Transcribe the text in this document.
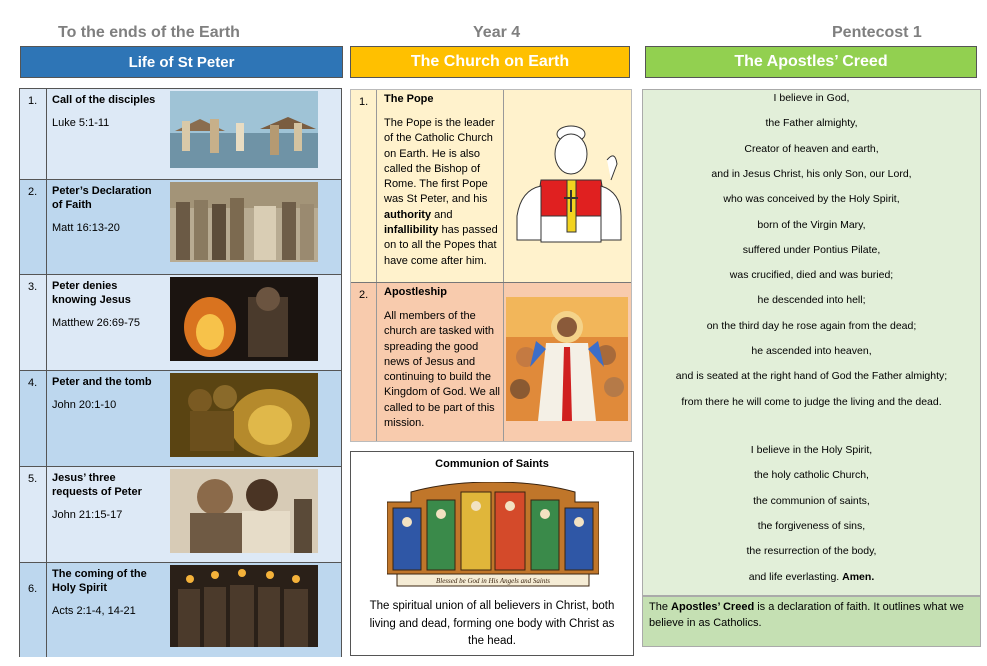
To the ends of the Earth	Year 4	Pentecost 1
Life of St Peter	The Church on Earth	The Apostles’ Creed
1. Call of the disciples
Luke 5:1-11
2. Peter’s Declaration of Faith
Matt 16:13-20
3. Peter denies knowing Jesus
Matthew 26:69-75
4. Peter and the tomb
John 20:1-10
5. Jesus’ three requests of Peter
John 21:15-17
6.
The coming of the Holy Spirit
Acts 2:1-4, 14-21
1. The Pope
The Pope is the leader of the Catholic Church on Earth. He is also called the Bishop of Rome. The first Pope was St Peter, and his authority and infallibility has passed on to all the Popes that have come after him.
2. Apostleship
All members of the church are tasked with spreading the good news of Jesus and continuing to build the Kingdom of God. We all called to be part of this mission.
Communion of Saints
Blessed be God in His Angels and Saints
The spiritual union of all believers in Christ, both living and dead, forming one body with Christ as the head.
I believe in God,
the Father almighty,
Creator of heaven and earth,
and in Jesus Christ, his only Son, our Lord,
who was conceived by the Holy Spirit,
born of the Virgin Mary,
suffered under Pontius Pilate,
was crucified, died and was buried;
he descended into hell;
on the third day he rose again from the dead;
he ascended into heaven,
and is seated at the right hand of God the Father almighty;
from there he will come to judge the living and the dead.
I believe in the Holy Spirit,
the holy catholic Church,
the communion of saints,
the forgiveness of sins,
the resurrection of the body,
and life everlasting. Amen.
The Apostles’ Creed is a declaration of faith. It outlines what we believe in as Catholics.
